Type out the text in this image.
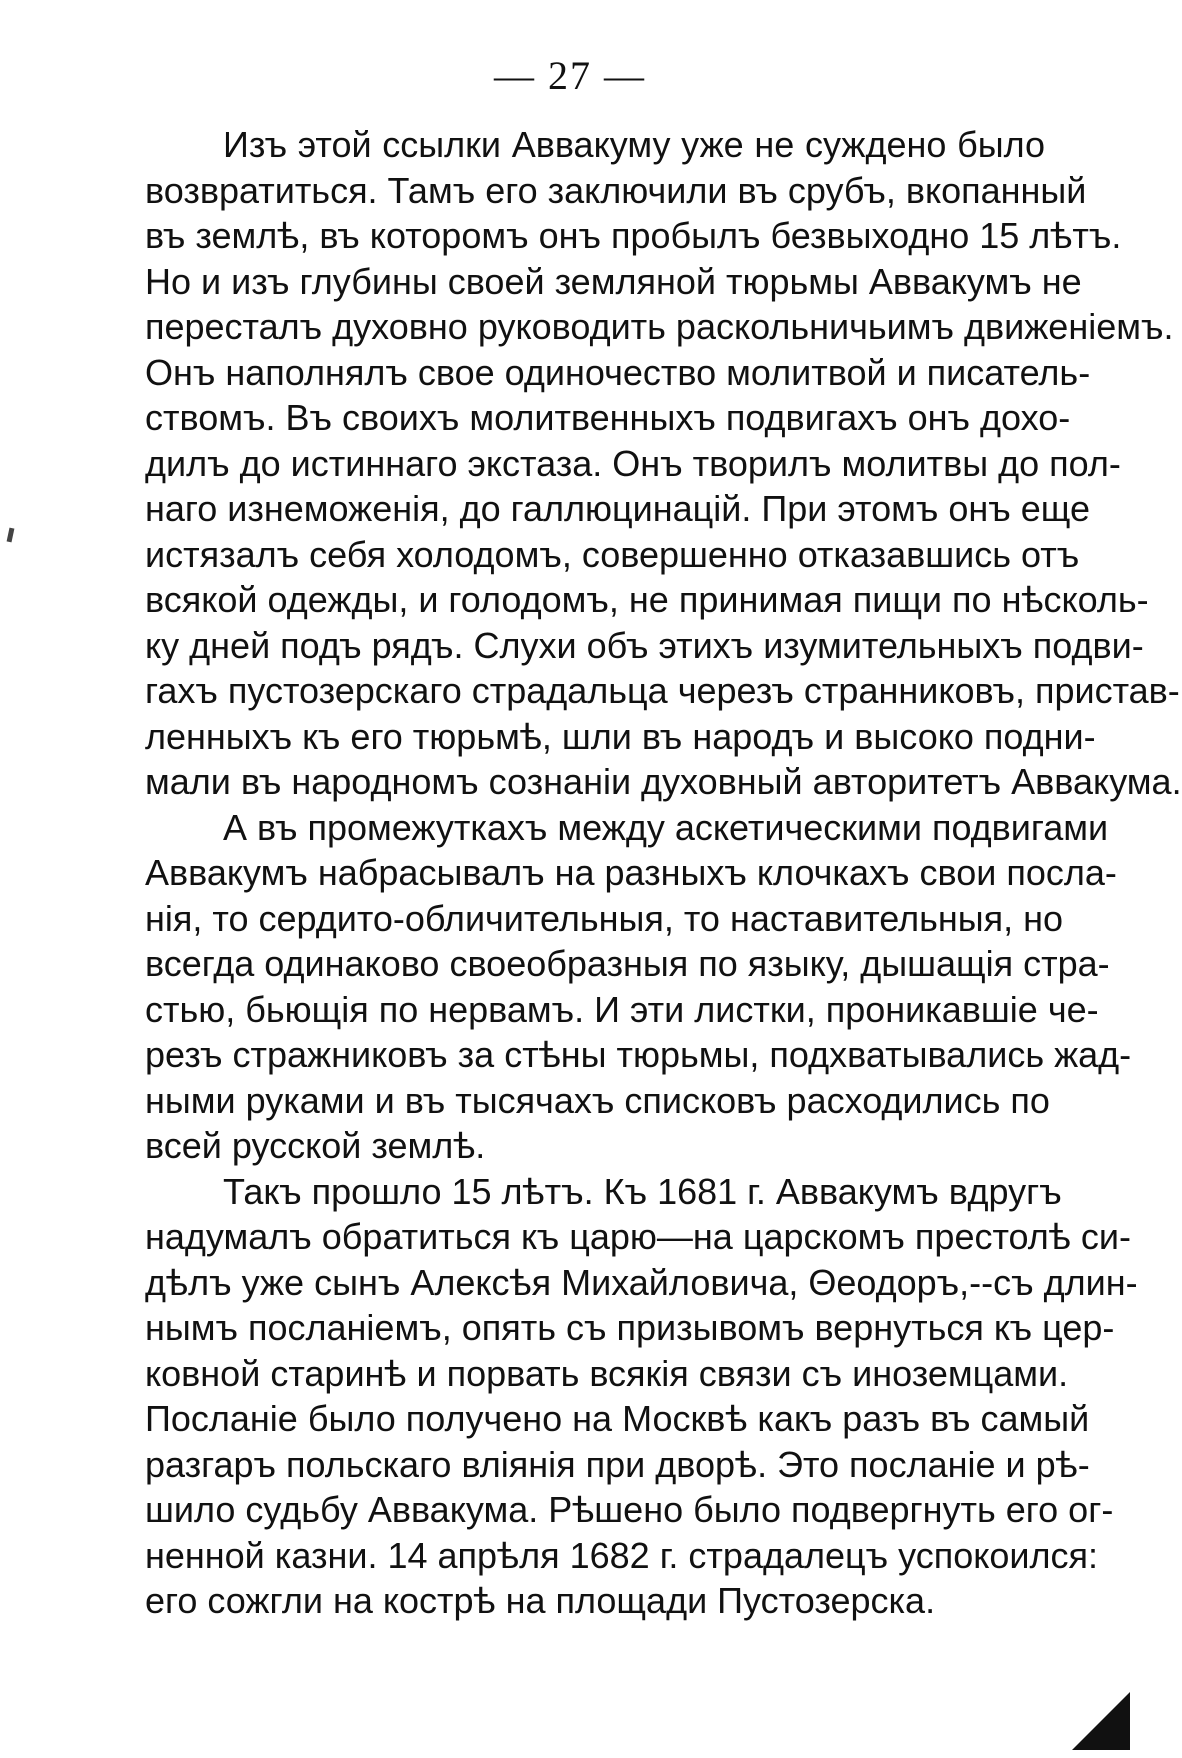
— 27 —
Изъ этой ссылки Аввакуму уже не суждено было
возвратиться. Тамъ его заключили въ срубъ, вкопанный
въ землѣ, въ которомъ онъ пробылъ безвыходно 15 лѣтъ.
Но и изъ глубины своей земляной тюрьмы Аввакумъ не
пересталъ духовно руководить раскольничьимъ движеніемъ.
Онъ наполнялъ свое одиночество молитвой и писатель-
ствомъ. Въ своихъ молитвенныхъ подвигахъ онъ дохо-
дилъ до истиннаго экстаза. Онъ творилъ молитвы до пол-
наго изнеможенія, до галлюцинацій. При этомъ онъ еще
истязалъ себя холодомъ, совершенно отказавшись отъ
всякой одежды, и голодомъ, не принимая пищи по нѣсколь-
ку дней подъ рядъ. Слухи объ этихъ изумительныхъ подви-
гахъ пустозерскаго страдальца черезъ странниковъ, пристав-
ленныхъ къ его тюрьмѣ, шли въ народъ и высоко подни-
мали въ народномъ сознаніи духовный авторитетъ Аввакума.
А въ промежуткахъ между аскетическими подвигами
Аввакумъ набрасывалъ на разныхъ клочкахъ свои посла-
нія, то сердито-обличительныя, то наставительныя, но
всегда одинаково своеобразныя по языку, дышащія стра-
стью, бьющія по нервамъ. И эти листки, проникавшіе че-
резъ стражниковъ за стѣны тюрьмы, подхватывались жад-
ными руками и въ тысячахъ списковъ расходились по
всей русской землѣ.
Такъ прошло 15 лѣтъ. Къ 1681 г. Аввакумъ вдругъ
надумалъ обратиться къ царю—на царскомъ престолѣ си-
дѣлъ уже сынъ Алексѣя Михайловича, Θеодоръ,--съ длин-
нымъ посланіемъ, опять съ призывомъ вернуться къ цер-
ковной старинѣ и порвать всякія связи съ иноземцами.
Посланіе было получено на Москвѣ какъ разъ въ самый
разгаръ польскаго вліянія при дворѣ. Это посланіе и рѣ-
шило судьбу Аввакума. Рѣшено было подвергнуть его ог-
ненной казни. 14 апрѣля 1682 г. страдалецъ успокоился:
его сожгли на кострѣ на площади Пустозерска.
